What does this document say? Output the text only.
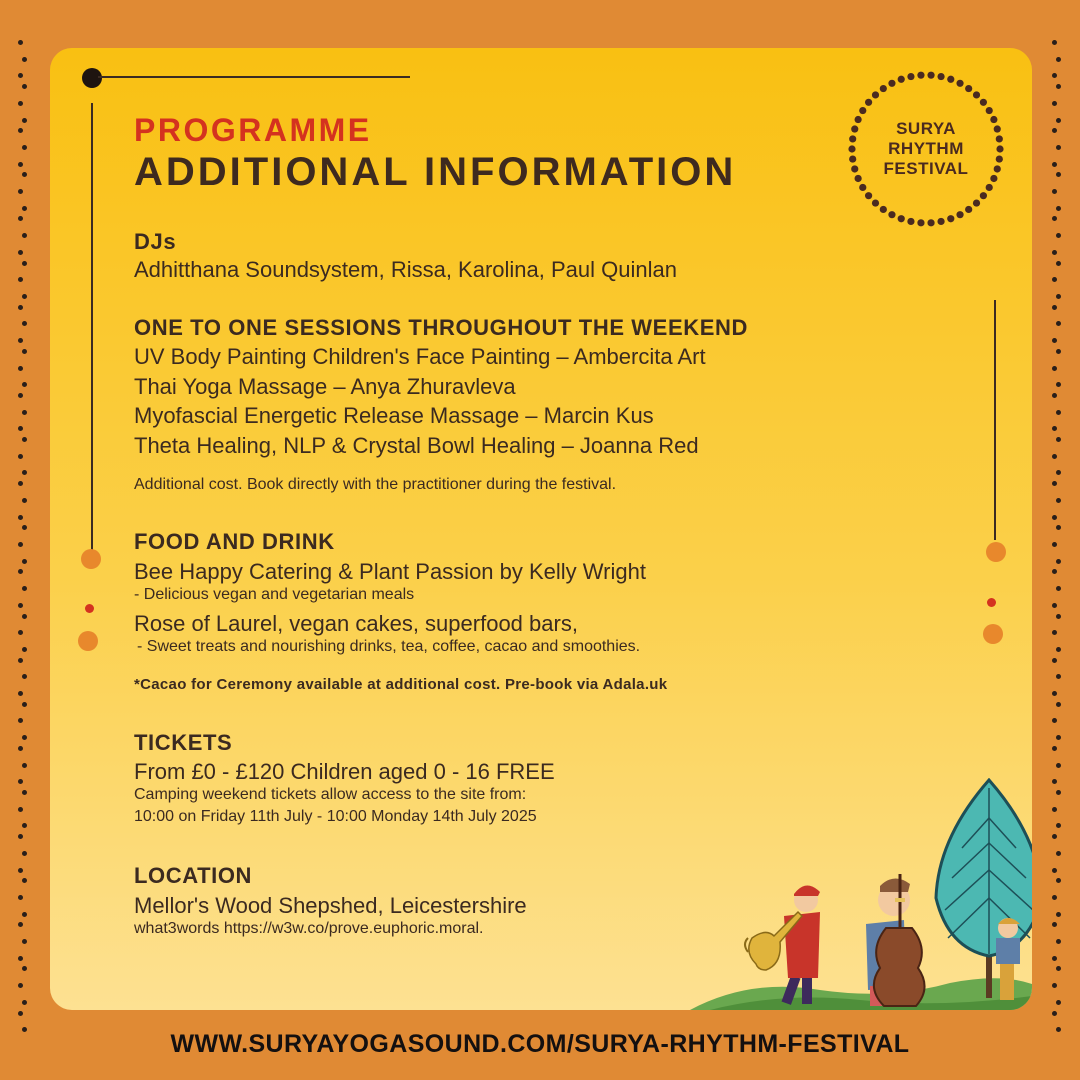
SURYA
RHYTHM
FESTIVAL
PROGRAMME
ADDITIONAL INFORMATION
DJs
Adhitthana Soundsystem, Rissa, Karolina, Paul Quinlan
ONE TO ONE SESSIONS THROUGHOUT THE WEEKEND
UV Body Painting Children's Face Painting – Ambercita Art
Thai Yoga Massage – Anya Zhuravleva
Myofascial Energetic Release Massage – Marcin Kus
Theta Healing, NLP & Crystal Bowl Healing – Joanna Red
Additional cost. Book directly with the practitioner during the festival.
FOOD AND DRINK
Bee Happy Catering & Plant Passion by Kelly Wright
- Delicious vegan and vegetarian meals
Rose of Laurel, vegan cakes, superfood bars,
- Sweet treats and nourishing drinks, tea, coffee, cacao and smoothies.
*Cacao for Ceremony available at additional cost. Pre-book via Adala.uk
TICKETS
From £0 - £120 Children aged 0 - 16 FREE
Camping weekend tickets allow access to the site from:
10:00 on Friday 11th July - 10:00 Monday 14th July 2025
LOCATION
Mellor's Wood Shepshed, Leicestershire
what3words https://w3w.co/prove.euphoric.moral.
WWW.SURYAYOGASOUND.COM/SURYA-RHYTHM-FESTIVAL
